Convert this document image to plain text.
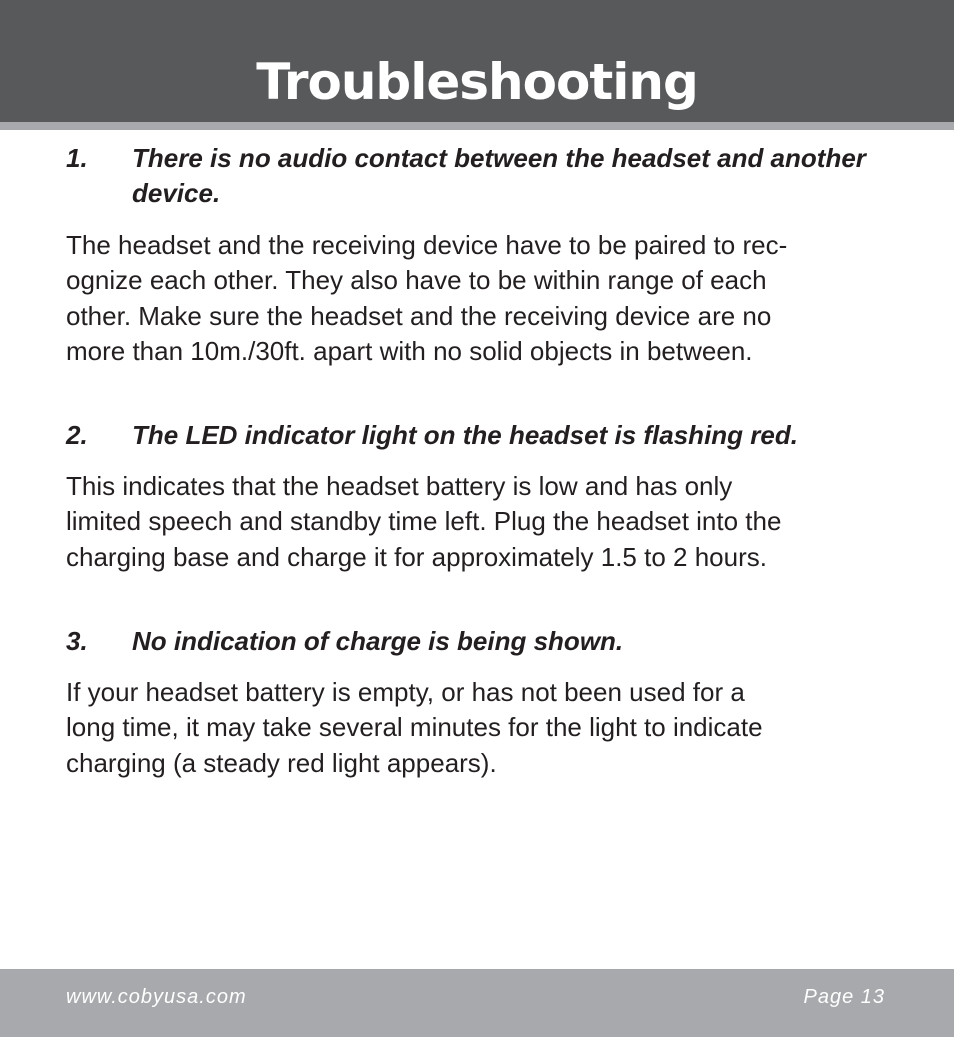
Troubleshooting
1. There is no audio contact between the headset and another device.

The headset and the receiving device have to be paired to rec-
ognize each other. They also have to be within range of each
other. Make sure the headset and the receiving device are no
more than 10m./30ft. apart with no solid objects in between.

2. The LED indicator light on the headset is flashing red.

This indicates that the headset battery is low and has only
limited speech and standby time left. Plug the headset into the
charging base and charge it for approximately 1.5 to 2 hours.

3. No indication of charge is being shown.

If your headset battery is empty, or has not been used for a
long time, it may take several minutes for the light to indicate
charging (a steady red light appears).

www.cobyusa.com	Page 13
